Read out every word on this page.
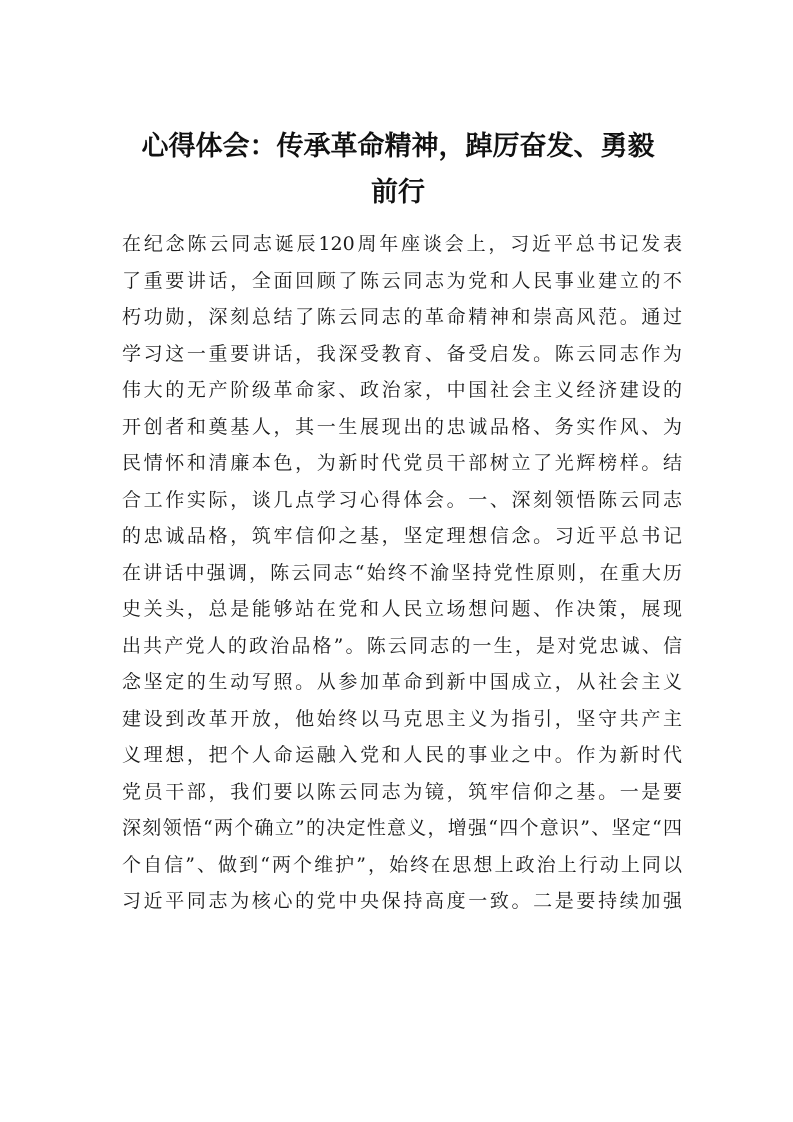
心得体会：传承革命精神，踔厉奋发、勇毅
前行
在纪念陈云同志诞辰120周年座谈会上，习近平总书记发表
了重要讲话，全面回顾了陈云同志为党和人民事业建立的不
朽功勋，深刻总结了陈云同志的革命精神和崇高风范。通过
学习这一重要讲话，我深受教育、备受启发。陈云同志作为
伟大的无产阶级革命家、政治家，中国社会主义经济建设的
开创者和奠基人，其一生展现出的忠诚品格、务实作风、为
民情怀和清廉本色，为新时代党员干部树立了光辉榜样。结
合工作实际，谈几点学习心得体会。一、深刻领悟陈云同志
的忠诚品格，筑牢信仰之基，坚定理想信念。习近平总书记
在讲话中强调，陈云同志“始终不渝坚持党性原则，在重大历
史关头，总是能够站在党和人民立场想问题、作决策，展现
出共产党人的政治品格”。陈云同志的一生，是对党忠诚、信
念坚定的生动写照。从参加革命到新中国成立，从社会主义
建设到改革开放，他始终以马克思主义为指引，坚守共产主
义理想，把个人命运融入党和人民的事业之中。作为新时代
党员干部，我们要以陈云同志为镜，筑牢信仰之基。一是要
深刻领悟“两个确立”的决定性意义，增强“四个意识”、坚定“四
个自信”、做到“两个维护”，始终在思想上政治上行动上同以
习近平同志为核心的党中央保持高度一致。二是要持续加强
